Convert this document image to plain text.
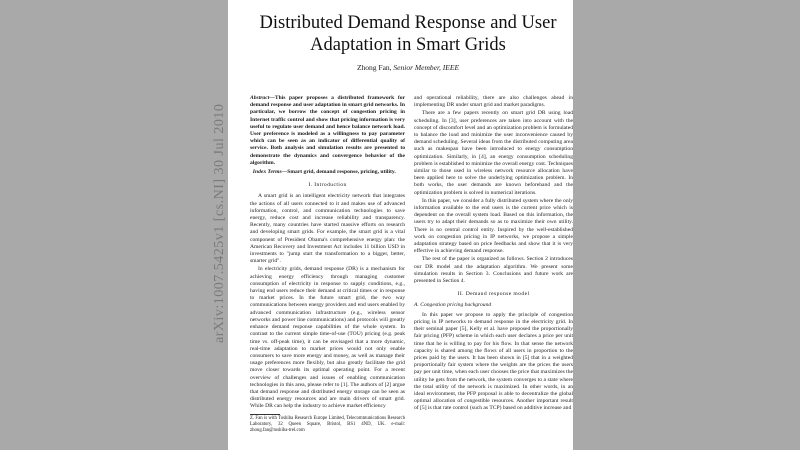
arXiv:1007.5425v1 [cs.NI] 30 Jul 2010
Distributed Demand Response and User Adaptation in Smart Grids
Zhong Fan, Senior Member, IEEE
Abstract—This paper proposes a distributed framework for demand response and user adaptation in smart grid networks. In particular, we borrow the concept of congestion pricing in Internet traffic control and show that pricing information is very useful to regulate user demand and hence balance network load. User preference is modeled as a willingness to pay parameter which can be seen as an indicator of differential quality of service. Both analysis and simulation results are presented to demonstrate the dynamics and convergence behavior of the algorithm.
Index Terms—Smart grid, demand response, pricing, utility.
I. Introduction

A smart grid is an intelligent electricity network that integrates the actions of all users connected to it and makes use of advanced information, control, and communication technologies to save energy, reduce cost and increase reliability and transparency. Recently, many countries have started massive efforts on research and developing smart grids. For example, the smart grid is a vital component of President Obama's comprehensive energy plan: the American Recovery and Investment Act includes 11 billion USD in investments to "jump start the transformation to a bigger, better, smarter grid".

In electricity grids, demand response (DR) is a mechanism for achieving energy efficiency through managing customer consumption of electricity in response to supply conditions, e.g., having end users reduce their demand at critical times or in response to market prices. In the future smart grid, the two way communications between energy providers and end users enabled by advanced communication infrastructure (e.g., wireless sensor networks and power line communications) and protocols will greatly enhance demand response capabilities of the whole system. In contrast to the current simple time-of-use (TOU) pricing (e.g. peak time vs. off-peak time), it can be envisaged that a more dynamic, real-time adaptation to market prices would not only enable consumers to save more energy and money, as well as manage their usage preferences more flexibly, but also greatly facilitate the grid move closer towards its optimal operating point. For a recent overview of challenges and issues of enabling communication technologies in this area, please refer to [1]. The authors of [2] argue that demand response and distributed energy storage can be seen as distributed energy resources and are main drivers of smart grid. While DR can help the industry to achieve market efficiency

Z. Fan is with Toshiba Research Europe Limited, Telecommunications Research Laboratory, 32 Queen Square, Bristol, BS1 4ND, UK. e-mail: zhong.fan@toshiba-trel.com

and operational reliability, there are also challenges ahead in implementing DR under smart grid and market paradigms.

There are a few papers recently on smart grid DR using load scheduling. In [3], user preferences are taken into account with the concept of discomfort level and an optimization problem is formulated to balance the load and minimize the user inconvenience caused by demand scheduling. Several ideas from the distributed computing area such as makespan have been introduced to energy consumption optimization. Similarly, in [4], an energy consumption scheduling problem is established to minimize the overall energy cost. Techniques similar to those used in wireless network resource allocation have been applied here to solve the underlying optimization problem. In both works, the user demands are known beforehand and the optimization problem is solved in numerical iterations.

In this paper, we consider a fully distributed system where the only information available to the end users is the current price which is dependent on the overall system load. Based on this information, the users try to adapt their demands so as to maximize their own utility. There is no central control entity. Inspired by the well-established work on congestion pricing in IP networks, we propose a simple adaptation strategy based on price feedbacks and show that it is very effective in achieving demand response.

The rest of the paper is organized as follows. Section 2 introduces our DR model and the adaptation algorithm. We present some simulation results in Section 3. Conclusions and future work are presented in Section 4.

II. Demand response model
A. Congestion pricing background

In this paper we propose to apply the principle of congestion pricing in IP networks to demand response in the electricity grid. In their seminal paper [5], Kelly et al. have proposed the proportionally fair pricing (PFP) scheme in which each user declares a price per unit time that he is willing to pay for his flow. In that sense the network capacity is shared among the flows of all users in proportion to the prices paid by the users. It has been shown in [5] that in a weighted proportionally fair system where the weights are the prices the users pay per unit time, when each user chooses the price that maximizes the utility he gets from the network, the system converges to a state where the total utility of the network is maximized. In other words, in an ideal environment, the PFP proposal is able to decentralize the global optimal allocation of congestible resources. Another important result of [5] is that rate control (such as TCP) based on additive increase and
